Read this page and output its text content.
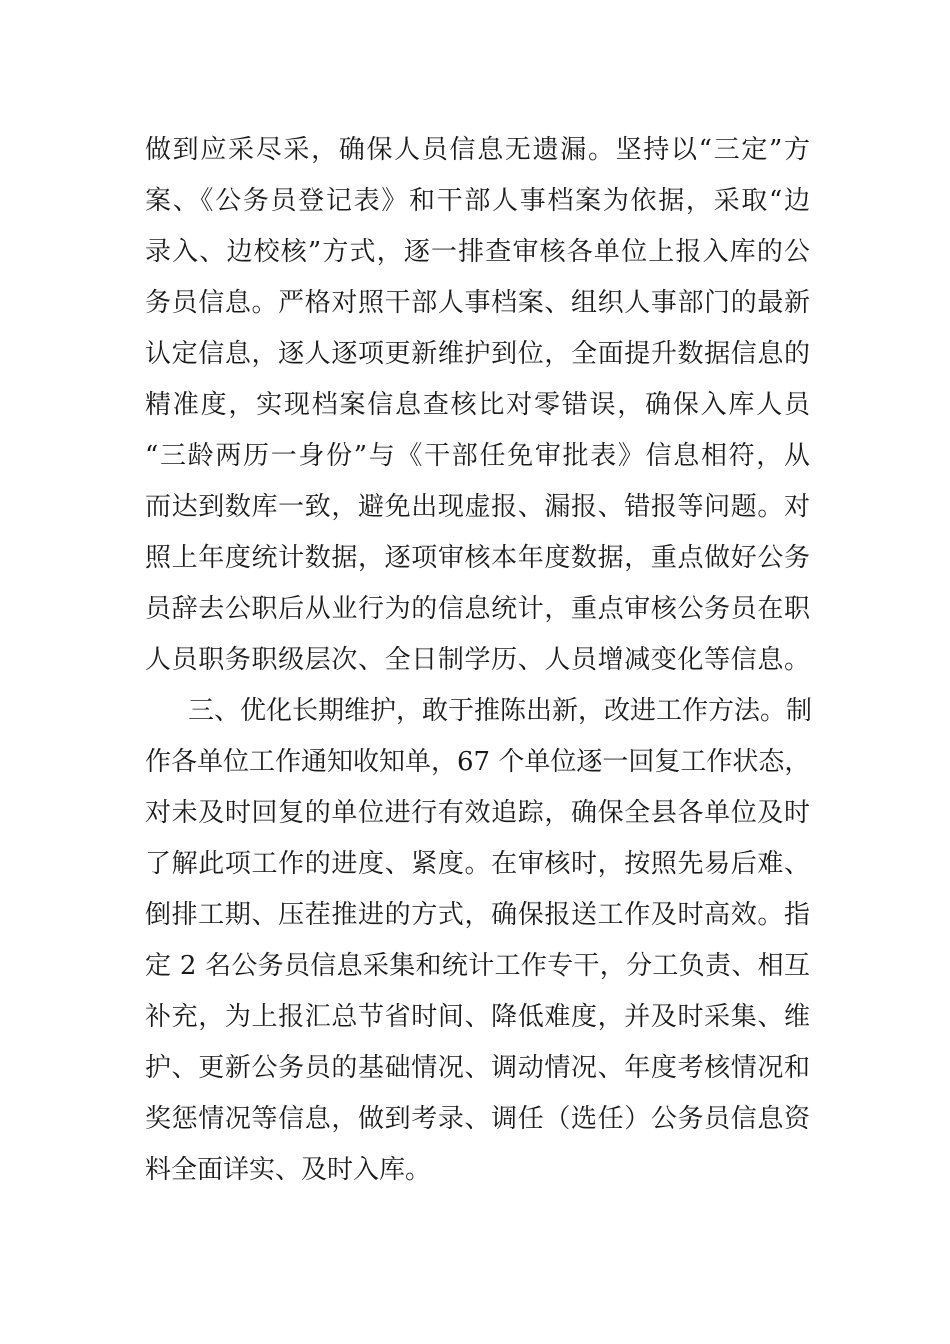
做到应采尽采，确保人员信息无遗漏。坚持以“三定”方
案、《公务员登记表》和干部人事档案为依据，采取“边
录入、边校核”方式，逐一排查审核各单位上报入库的公
务员信息。严格对照干部人事档案、组织人事部门的最新
认定信息，逐人逐项更新维护到位，全面提升数据信息的
精准度，实现档案信息查核比对零错误，确保入库人员
“三龄两历一身份”与《干部任免审批表》信息相符，从
而达到数库一致，避免出现虚报、漏报、错报等问题。对
照上年度统计数据，逐项审核本年度数据，重点做好公务
员辞去公职后从业行为的信息统计，重点审核公务员在职
人员职务职级层次、全日制学历、人员增减变化等信息。
三、优化长期维护，敢于推陈出新，改进工作方法。制
作各单位工作通知收知单，67 个单位逐一回复工作状态，
对未及时回复的单位进行有效追踪，确保全县各单位及时
了解此项工作的进度、紧度。在审核时，按照先易后难、
倒排工期、压茬推进的方式，确保报送工作及时高效。指
定 2 名公务员信息采集和统计工作专干，分工负责、相互
补充，为上报汇总节省时间、降低难度，并及时采集、维
护、更新公务员的基础情况、调动情况、年度考核情况和
奖惩情况等信息，做到考录、调任（选任）公务员信息资
料全面详实、及时入库。
